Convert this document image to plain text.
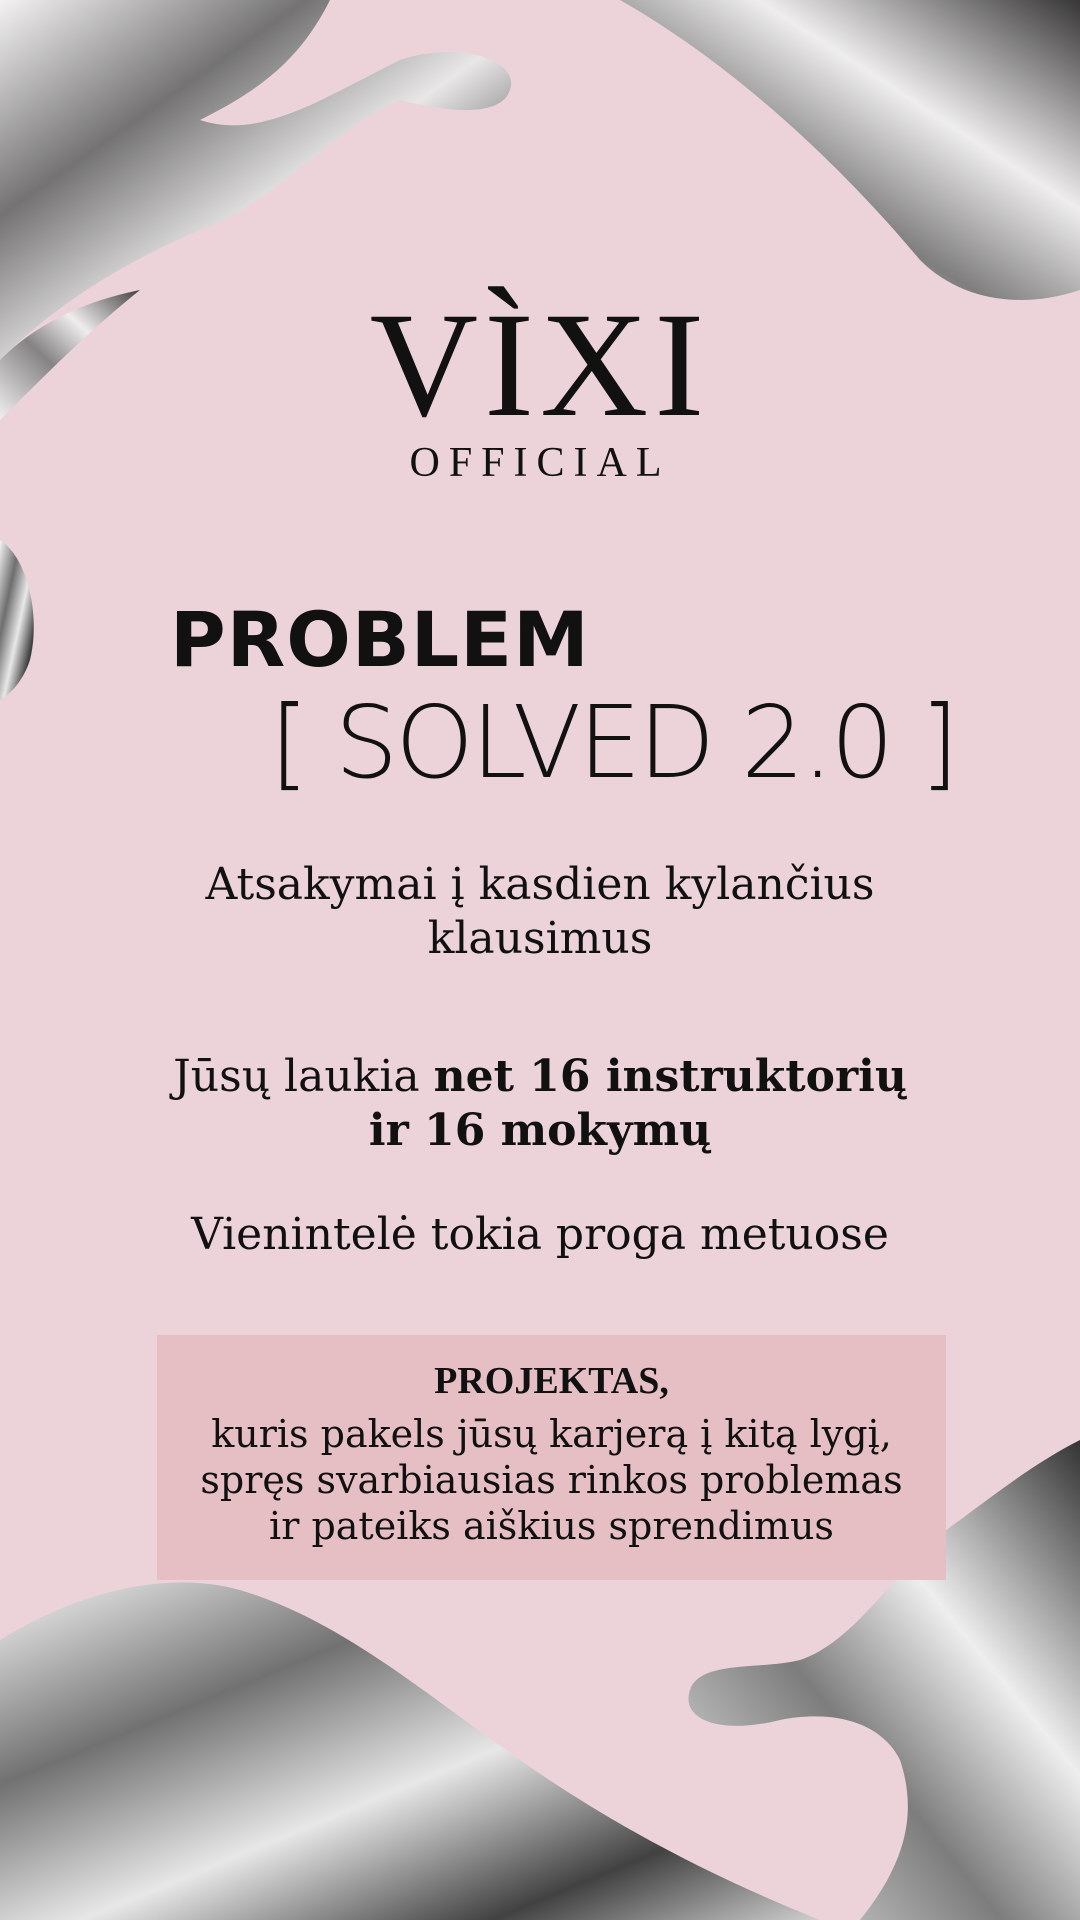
VÌXI
OFFICIAL
PROBLEM
[ SOLVED 2.0 ]
Atsakymai į kasdien kylančius
klausimus
Jūsų laukia net 16 instruktorių
ir 16 mokymų
Vienintelė tokia proga metuose
PROJEKTAS,
kuris pakels jūsų karjerą į kitą lygį,
spręs svarbiausias rinkos problemas
ir pateiks aiškius sprendimus
